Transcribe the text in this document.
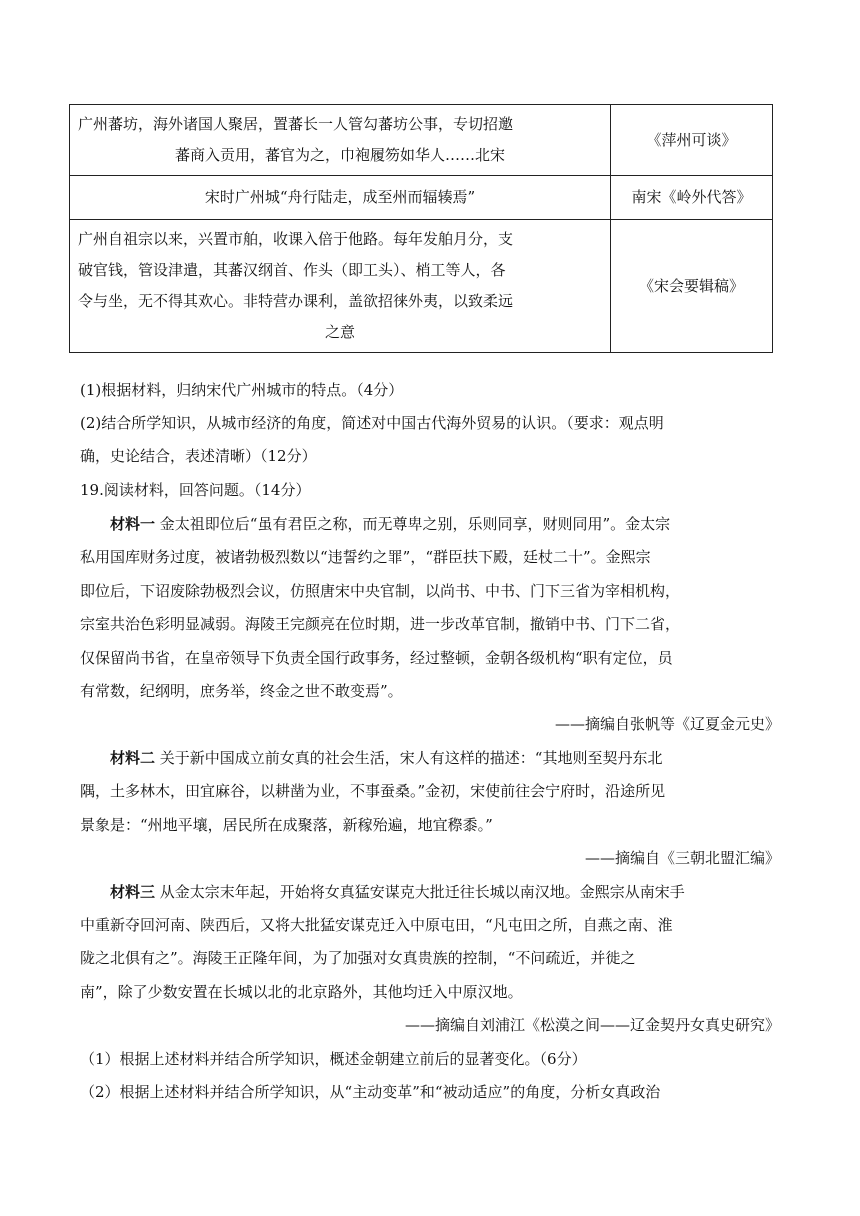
广州蕃坊，海外诸国人聚居，置蕃长一人管勾蕃坊公事，专切招邀

蕃商入贡用，蕃官为之，巾袍履笏如华人……北宋	《萍州可谈》
宋时广州城“舟行陆走，成至州而辐辏焉”	南宋《岭外代答》
广州自祖宗以来，兴置市舶，收课入倍于他路。每年发舶月分，支
破官钱，管设津遣，其蕃汉纲首、作头（即工头）、梢工等人，各
令与坐，无不得其欢心。非特营办课利，盖欲招徕外夷，以致柔远

之意	《宋会要辑稿》
(1)根据材料，归纳宋代广州城市的特点。（4分）
(2)结合所学知识，从城市经济的角度，简述对中国古代海外贸易的认识。（要求：观点明
确，史论结合，表述清晰）（12分）
19.阅读材料，回答问题。（14分）
材料一 金太祖即位后“虽有君臣之称，而无尊卑之别，乐则同享，财则同用”。金太宗
私用国库财务过度，被诸勃极烈数以“违誓约之罪”，“群臣扶下殿，廷杖二十”。金熙宗
即位后，下诏废除勃极烈会议，仿照唐宋中央官制，以尚书、中书、门下三省为宰相机构，
宗室共治色彩明显减弱。海陵王完颜亮在位时期，进一步改革官制，撤销中书、门下二省，
仅保留尚书省，在皇帝领导下负责全国行政事务，经过整顿，金朝各级机构“职有定位，员
有常数，纪纲明，庶务举，终金之世不敢变焉”。
——摘编自张帆等《辽夏金元史》
材料二 关于新中国成立前女真的社会生活，宋人有这样的描述：“其地则至契丹东北
隅，土多林木，田宜麻谷，以耕凿为业，不事蚕桑。”金初，宋使前往会宁府时，沿途所见
景象是：“州地平壤，居民所在成聚落，新稼殆遍，地宜穄黍。”
——摘编自《三朝北盟汇编》
材料三 从金太宗末年起，开始将女真猛安谋克大批迁往长城以南汉地。金熙宗从南宋手
中重新夺回河南、陕西后，又将大批猛安谋克迁入中原屯田，“凡屯田之所，自燕之南、淮
陇之北俱有之”。海陵王正隆年间，为了加强对女真贵族的控制，“不问疏近，并徙之
南”，除了少数安置在长城以北的北京路外，其他均迁入中原汉地。
——摘编自刘浦江《松漠之间——辽金契丹女真史研究》
（1）根据上述材料并结合所学知识，概述金朝建立前后的显著变化。（6分）
（2）根据上述材料并结合所学知识，从“主动变革”和“被动适应”的角度，分析女真政治
